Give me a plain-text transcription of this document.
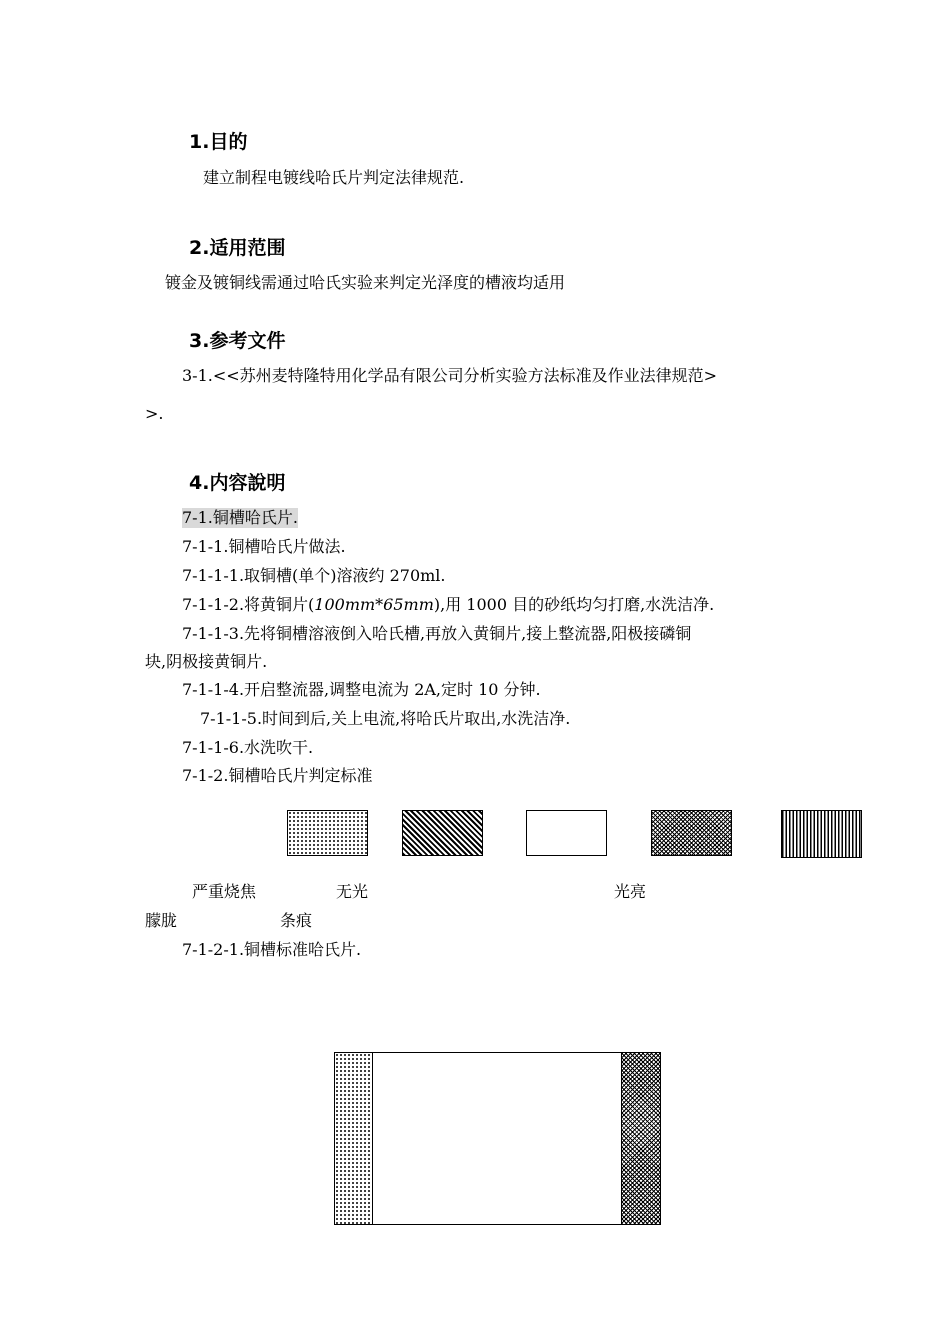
1.目的
建立制程电镀线哈氏片判定法律规范.
2.适用范围
镀金及镀铜线需通过哈氏实验来判定光泽度的槽液均适用
3.参考文件
3-1.<<苏州麦特隆特用化学品有限公司分析实验方法标准及作业法律规范>
>.
4.内容說明
7-1.铜槽哈氏片.
7-1-1.铜槽哈氏片做法.
7-1-1-1.取铜槽(单个)溶液约 270ml.
7-1-1-2.将黄铜片(100mm*65mm),用 1000 目的砂纸均匀打磨,水洗洁净.
7-1-1-3.先将铜槽溶液倒入哈氏槽,再放入黄铜片,接上整流器,阳极接磷铜
块,阴极接黄铜片.
7-1-1-4.开启整流器,调整电流为 2A,定时 10 分钟.
7-1-1-5.时间到后,关上电流,将哈氏片取出,水洗洁净.
7-1-1-6.水洗吹干.
7-1-2.铜槽哈氏片判定标准
严重烧焦	无光	光亮
朦胧	条痕
7-1-2-1.铜槽标准哈氏片.
